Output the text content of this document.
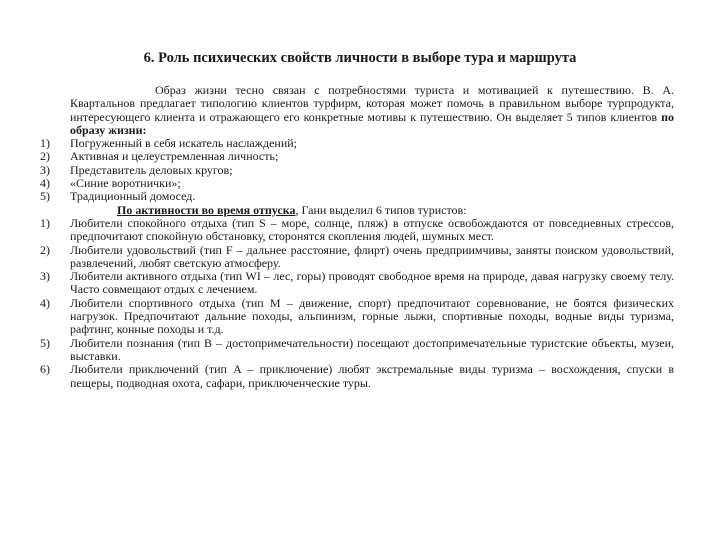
6. Роль психических свойств личности в выборе тура и маршрута

Образ жизни тесно связан с потребностями туриста и мотивацией к путешествию. В. А. Квартальнов предлагает типологию клиентов турфирм, которая может помочь в правильном выборе турпродукта, интересующего клиента и отражающего его конкретные мотивы к путешествию. Он выделяет 5 типов клиентов по образу жизни:

1)	Погруженный в себя искатель наслаждений;
2)	Активная и целеустремленная личность;
3)	Представитель деловых кругов;
4)	«Синие воротнички»;
5)	Традиционный домосед.

По активности во время отпуска, Гани выделил 6 типов туристов:

1)	Любители спокойного отдыха (тип S – море, солнце, пляж) в отпуске освобождаются от повседневных стрессов, предпочитают спокойную обстановку, сторонятся скопления людей, шумных мест.
2)	Любители удовольствий (тип F – дальнее расстояние, флирт) очень предприимчивы, заняты поиском удовольствий, развлечений, любят светскую атмосферу.
3)	Любители активного отдыха (тип WI – лес, горы) проводят свободное время на природе, давая нагрузку своему телу. Часто совмещают отдых с лечением.
4)	Любители спортивного отдыха (тип M – движение, спорт) предпочитают соревнование, не боятся физических нагрузок. Предпочитают дальние походы, альпинизм, горные лыжи, спортивные походы, водные виды туризма, рафтинг, конные походы и т.д.
5)	Любители познания (тип B – достопримечательности) посещают достопримечательные туристские объекты, музеи, выставки.
6)	Любители приключений (тип A – приключение) любят экстремальные виды туризма – восхождения, спуски в пещеры, подводная охота, сафари, приключенческие туры.
